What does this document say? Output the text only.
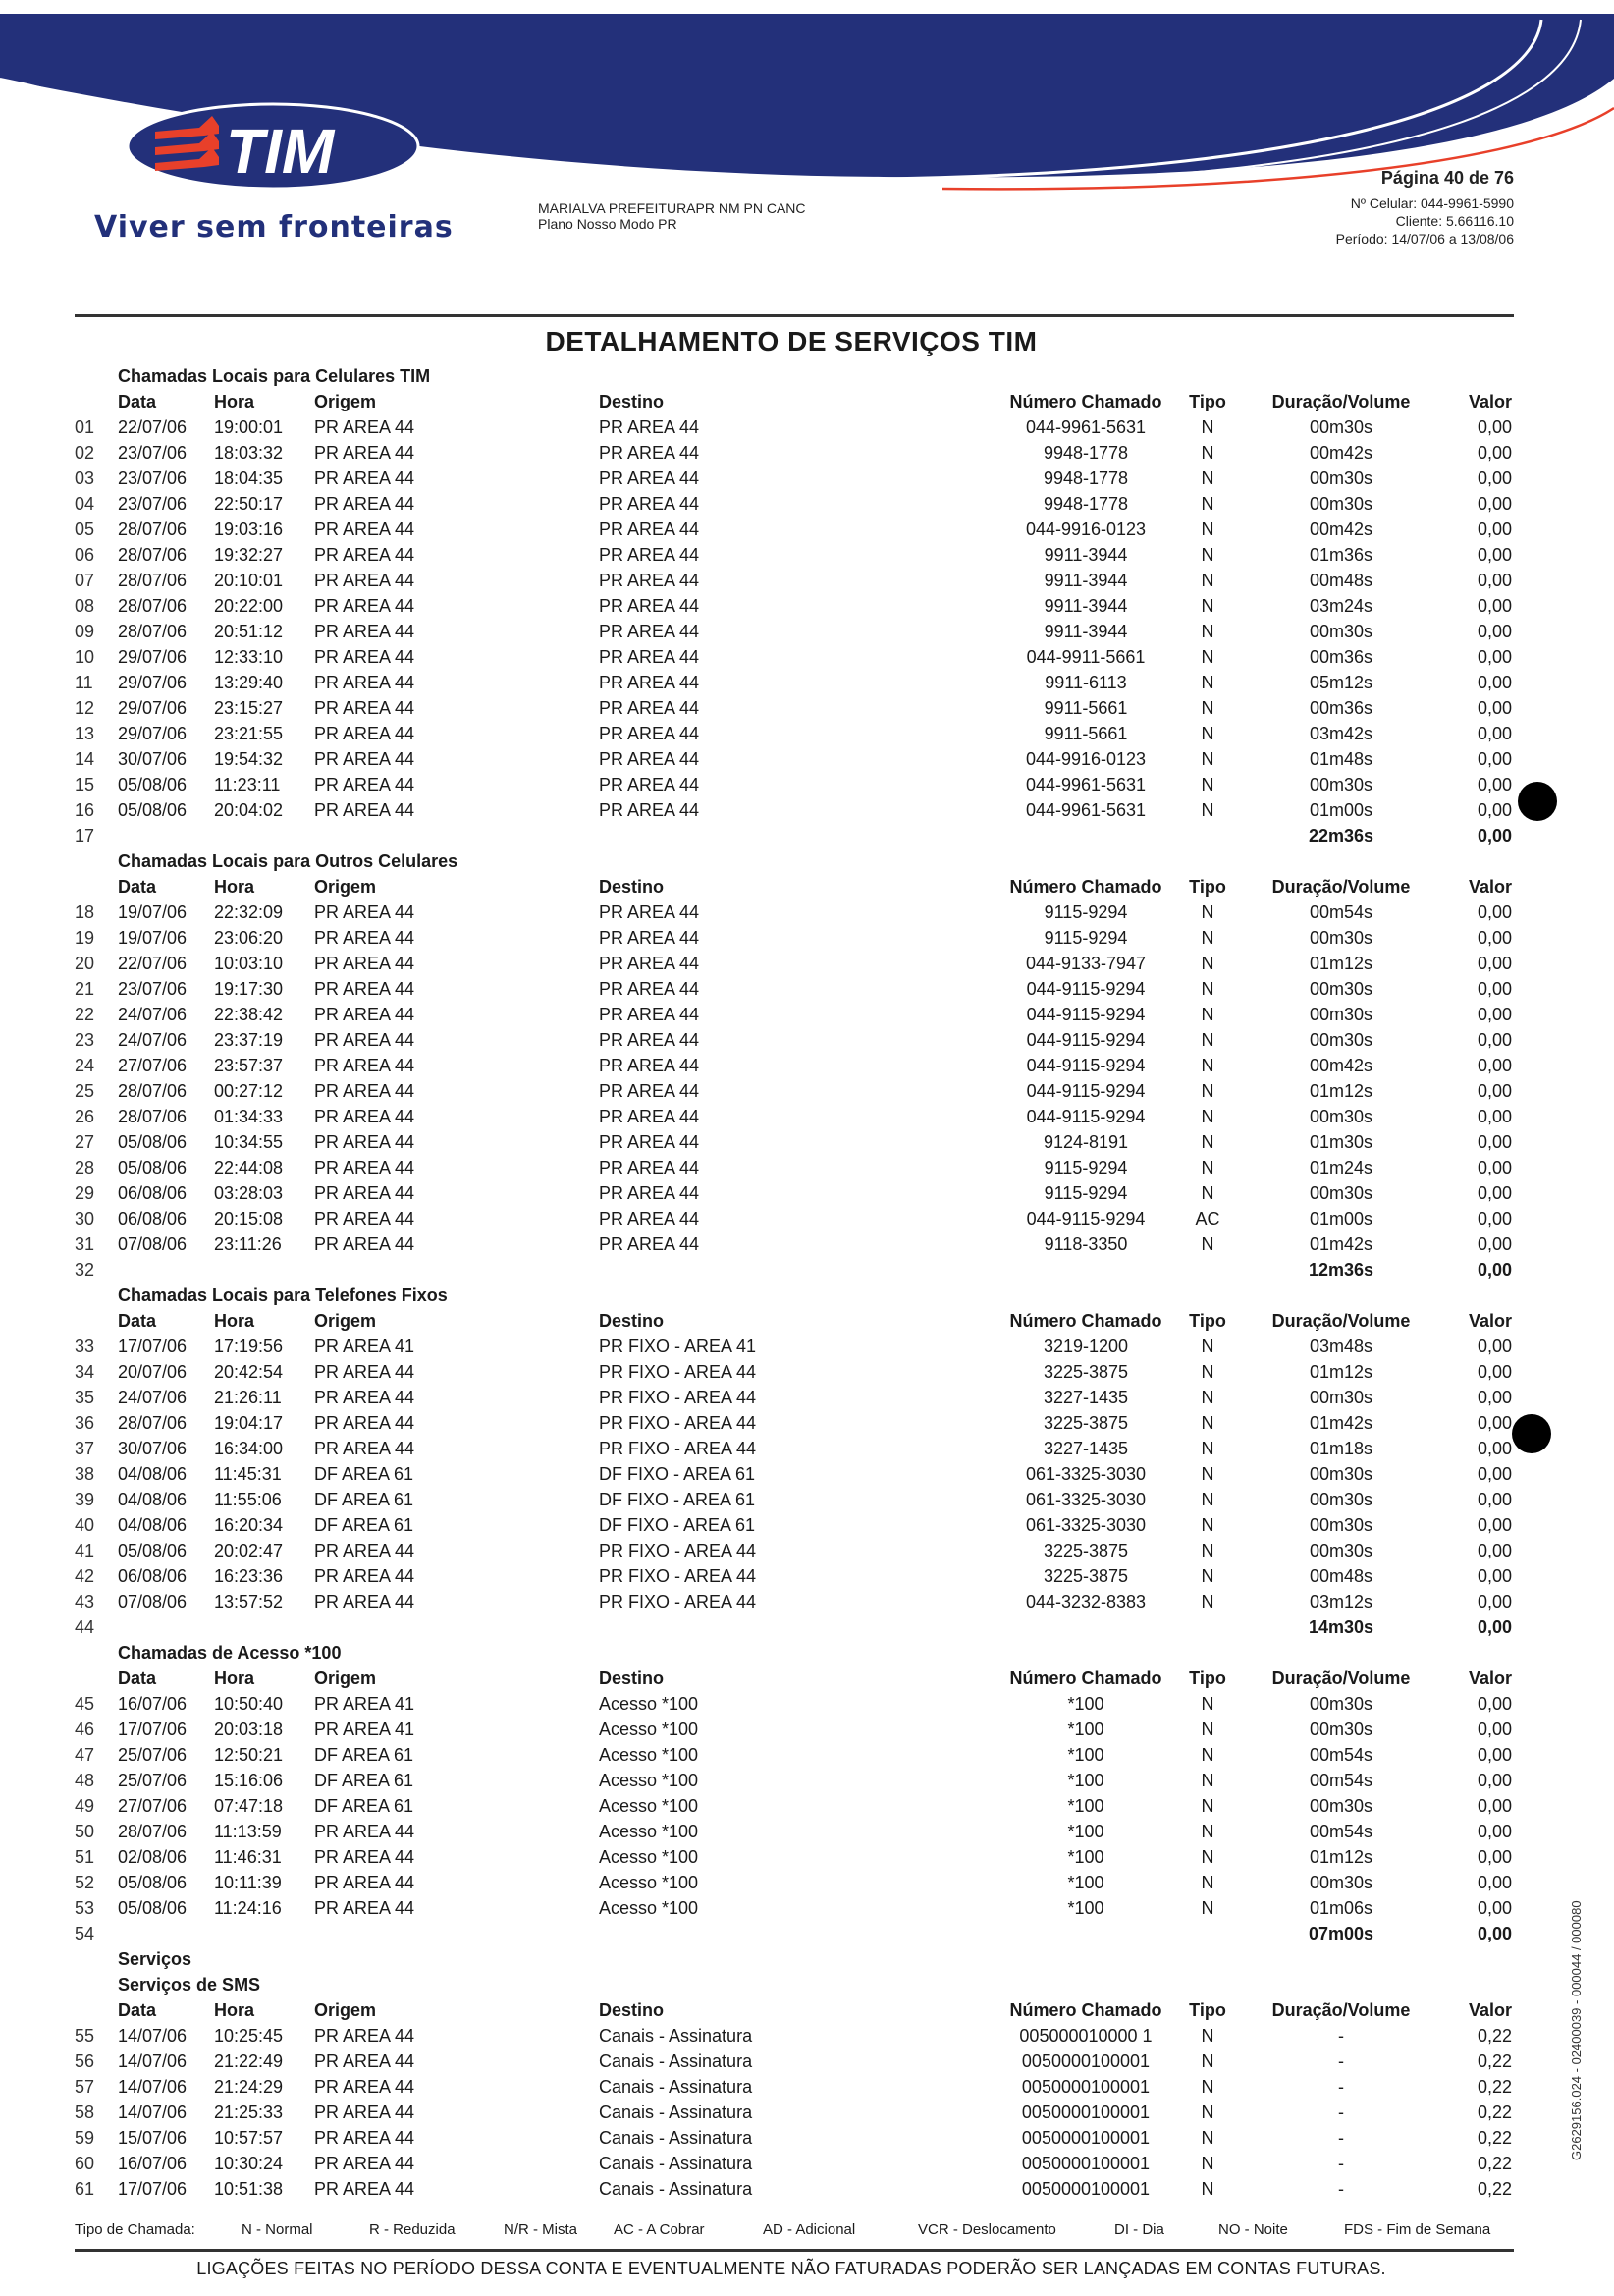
TIM
Viver sem fronteiras
MARIALVA PREFEITURAPR NM PN CANC
Plano Nosso Modo PR
Página 40 de 76
Nº Celular: 044-9961-5990
Cliente: 5.66116.10
Período: 14/07/06 a 13/08/06
DETALHAMENTO DE SERVIÇOS TIM
Chamadas Locais para Celulares TIM
Data	Hora	Origem	Destino	Número Chamado	Tipo	Duração/Volume	Valor
01	22/07/06 19:00:01 PR AREA 44	PR AREA 44	044-9961-5631	N	00m30s	0,00
02	23/07/06 18:03:32 PR AREA 44	PR AREA 44	9948-1778	N	00m42s	0,00
03	23/07/06 18:04:35 PR AREA 44	PR AREA 44	9948-1778	N	00m30s	0,00
04	23/07/06 22:50:17 PR AREA 44	PR AREA 44	9948-1778	N	00m30s	0,00
05	28/07/06 19:03:16 PR AREA 44	PR AREA 44	044-9916-0123	N	00m42s	0,00
06	28/07/06 19:32:27 PR AREA 44	PR AREA 44	9911-3944	N	01m36s	0,00
07	28/07/06 20:10:01 PR AREA 44	PR AREA 44	9911-3944	N	00m48s	0,00
08	28/07/06 20:22:00 PR AREA 44	PR AREA 44	9911-3944	N	03m24s	0,00
09	28/07/06 20:51:12 PR AREA 44	PR AREA 44	9911-3944	N	00m30s	0,00
10	29/07/06 12:33:10 PR AREA 44	PR AREA 44	044-9911-5661	N	00m36s	0,00
11	29/07/06 13:29:40 PR AREA 44	PR AREA 44	9911-6113	N	05m12s	0,00
12	29/07/06 23:15:27 PR AREA 44	PR AREA 44	9911-5661	N	00m36s	0,00
13	29/07/06 23:21:55 PR AREA 44	PR AREA 44	9911-5661	N	03m42s	0,00
14	30/07/06 19:54:32 PR AREA 44	PR AREA 44	044-9916-0123	N	01m48s	0,00
15	05/08/06 11:23:11 PR AREA 44	PR AREA 44	044-9961-5631	N	00m30s	0,00
16	05/08/06 20:04:02 PR AREA 44	PR AREA 44	044-9961-5631	N	01m00s	0,00
17	22m36s	0,00
Chamadas Locais para Outros Celulares
Data	Hora	Origem	Destino	Número Chamado	Tipo	Duração/Volume	Valor
18	19/07/06 22:32:09 PR AREA 44	PR AREA 44	9115-9294	N	00m54s	0,00
19	19/07/06 23:06:20 PR AREA 44	PR AREA 44	9115-9294	N	00m30s	0,00
20	22/07/06 10:03:10 PR AREA 44	PR AREA 44	044-9133-7947	N	01m12s	0,00
21	23/07/06 19:17:30 PR AREA 44	PR AREA 44	044-9115-9294	N	00m30s	0,00
22	24/07/06 22:38:42 PR AREA 44	PR AREA 44	044-9115-9294	N	00m30s	0,00
23	24/07/06 23:37:19 PR AREA 44	PR AREA 44	044-9115-9294	N	00m30s	0,00
24	27/07/06 23:57:37 PR AREA 44	PR AREA 44	044-9115-9294	N	00m42s	0,00
25	28/07/06 00:27:12 PR AREA 44	PR AREA 44	044-9115-9294	N	01m12s	0,00
26	28/07/06 01:34:33 PR AREA 44	PR AREA 44	044-9115-9294	N	00m30s	0,00
27	05/08/06 10:34:55 PR AREA 44	PR AREA 44	9124-8191	N	01m30s	0,00
28	05/08/06 22:44:08 PR AREA 44	PR AREA 44	9115-9294	N	01m24s	0,00
29	06/08/06 03:28:03 PR AREA 44	PR AREA 44	9115-9294	N	00m30s	0,00
30	06/08/06 20:15:08 PR AREA 44	PR AREA 44	044-9115-9294	AC	01m00s	0,00
31	07/08/06 23:11:26 PR AREA 44	PR AREA 44	9118-3350	N	01m42s	0,00
32	12m36s	0,00
Chamadas Locais para Telefones Fixos
Data	Hora	Origem	Destino	Número Chamado	Tipo	Duração/Volume	Valor
33	17/07/06 17:19:56 PR AREA 41	PR FIXO - AREA 41	3219-1200	N	03m48s	0,00
34	20/07/06 20:42:54 PR AREA 44	PR FIXO - AREA 44	3225-3875	N	01m12s	0,00
35	24/07/06 21:26:11 PR AREA 44	PR FIXO - AREA 44	3227-1435	N	00m30s	0,00
36	28/07/06 19:04:17 PR AREA 44	PR FIXO - AREA 44	3225-3875	N	01m42s	0,00
37	30/07/06 16:34:00 PR AREA 44	PR FIXO - AREA 44	3227-1435	N	01m18s	0,00
38	04/08/06 11:45:31 DF AREA 61	DF FIXO - AREA 61	061-3325-3030	N	00m30s	0,00
39	04/08/06 11:55:06 DF AREA 61	DF FIXO - AREA 61	061-3325-3030	N	00m30s	0,00
40	04/08/06 16:20:34 DF AREA 61	DF FIXO - AREA 61	061-3325-3030	N	00m30s	0,00
41	05/08/06 20:02:47 PR AREA 44	PR FIXO - AREA 44	3225-3875	N	00m30s	0,00
42	06/08/06 16:23:36 PR AREA 44	PR FIXO - AREA 44	3225-3875	N	00m48s	0,00
43	07/08/06 13:57:52 PR AREA 44	PR FIXO - AREA 44	044-3232-8383	N	03m12s	0,00
44	14m30s	0,00
Chamadas de Acesso *100
Data	Hora	Origem	Destino	Número Chamado	Tipo	Duração/Volume	Valor
45	16/07/06 10:50:40 PR AREA 41	Acesso *100	*100	N	00m30s	0,00
46	17/07/06 20:03:18 PR AREA 41	Acesso *100	*100	N	00m30s	0,00
47	25/07/06 12:50:21 DF AREA 61	Acesso *100	*100	N	00m54s	0,00
48	25/07/06 15:16:06 DF AREA 61	Acesso *100	*100	N	00m54s	0,00
49	27/07/06 07:47:18 DF AREA 61	Acesso *100	*100	N	00m30s	0,00
50	28/07/06 11:13:59 PR AREA 44	Acesso *100	*100	N	00m54s	0,00
51	02/08/06 11:46:31 PR AREA 44	Acesso *100	*100	N	01m12s	0,00
52	05/08/06 10:11:39 PR AREA 44	Acesso *100	*100	N	00m30s	0,00
53	05/08/06 11:24:16 PR AREA 44	Acesso *100	*100	N	01m06s	0,00
54	07m00s	0,00
Serviços
Serviços de SMS
Data	Hora	Origem	Destino	Número Chamado	Tipo	Duração/Volume	Valor
55	14/07/06 10:25:45 PR AREA 44	Canais - Assinatura	005000010000 1	N	-	0,22
56	14/07/06 21:22:49 PR AREA 44	Canais - Assinatura	0050000100001	N	-	0,22
57	14/07/06 21:24:29 PR AREA 44	Canais - Assinatura	0050000100001	N	-	0,22
58	14/07/06 21:25:33 PR AREA 44	Canais - Assinatura	0050000100001	N	-	0,22
59	15/07/06 10:57:57 PR AREA 44	Canais - Assinatura	0050000100001	N	-	0,22
60	16/07/06 10:30:24 PR AREA 44	Canais - Assinatura	0050000100001	N	-	0,22
61	17/07/06 10:51:38 PR AREA 44	Canais - Assinatura	0050000100001	N	-	0,22
Tipo de Chamada:	N - Normal	R - Reduzida	N/R - Mista	AC - A Cobrar	AD - Adicional	VCR - Deslocamento	DI - Dia	NO - Noite	FDS - Fim de Semana
LIGAÇÕES FEITAS NO PERÍODO DESSA CONTA E EVENTUALMENTE NÃO FATURADAS PODERÃO SER LANÇADAS EM CONTAS FUTURAS.
G2629156.024 - 02400039 - 000044 / 000080
